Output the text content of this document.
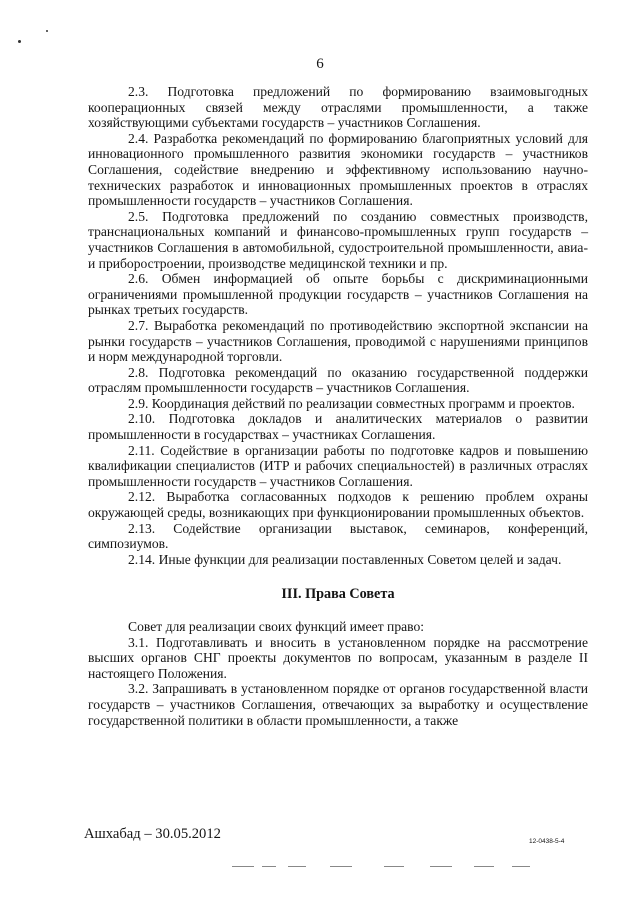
6

2.3. Подготовка предложений по формированию взаимовыгодных кооперационных связей между отраслями промышленности, а также хозяйствующими субъектами государств – участников Соглашения.

2.4. Разработка рекомендаций по формированию благоприятных условий для инновационного промышленного развития экономики государств – участников Соглашения, содействие внедрению и эффективному использованию научно-технических разработок и инновационных промышленных проектов в отраслях промышленности государств – участников Соглашения.

2.5. Подготовка предложений по созданию совместных производств, транснациональных компаний и финансово-промышленных групп государств – участников Соглашения в автомобильной, судостроительной промышленности, авиа- и приборостроении, производстве медицинской техники и пр.

2.6. Обмен информацией об опыте борьбы с дискриминационными ограничениями промышленной продукции государств – участников Соглашения на рынках третьих государств.

2.7. Выработка рекомендаций по противодействию экспортной экспансии на рынки государств – участников Соглашения, проводимой с нарушениями принципов и норм международной торговли.

2.8. Подготовка рекомендаций по оказанию государственной поддержки отраслям промышленности государств – участников Соглашения.

2.9. Координация действий по реализации совместных программ и проектов.

2.10. Подготовка докладов и аналитических материалов о развитии промышленности в государствах – участниках Соглашения.

2.11. Содействие в организации работы по подготовке кадров и повышению квалификации специалистов (ИТР и рабочих специальностей) в различных отраслях промышленности государств – участников Соглашения.

2.12. Выработка согласованных подходов к решению проблем охраны окружающей среды, возникающих при функционировании промышленных объектов.

2.13. Содействие организации выставок, семинаров, конференций, симпозиумов.

2.14. Иные функции для реализации поставленных Советом целей и задач.

III. Права Совета

Совет для реализации своих функций имеет право:

3.1. Подготавливать и вносить в установленном порядке на рассмотрение высших органов СНГ проекты документов по вопросам, указанным в разделе II настоящего Положения.

3.2. Запрашивать в установленном порядке от органов государственной власти государств – участников Соглашения, отвечающих за выработку и осуществление государственной политики в области промышленности, а также

Ашхабад – 30.05.2012	12-0438-5-4
